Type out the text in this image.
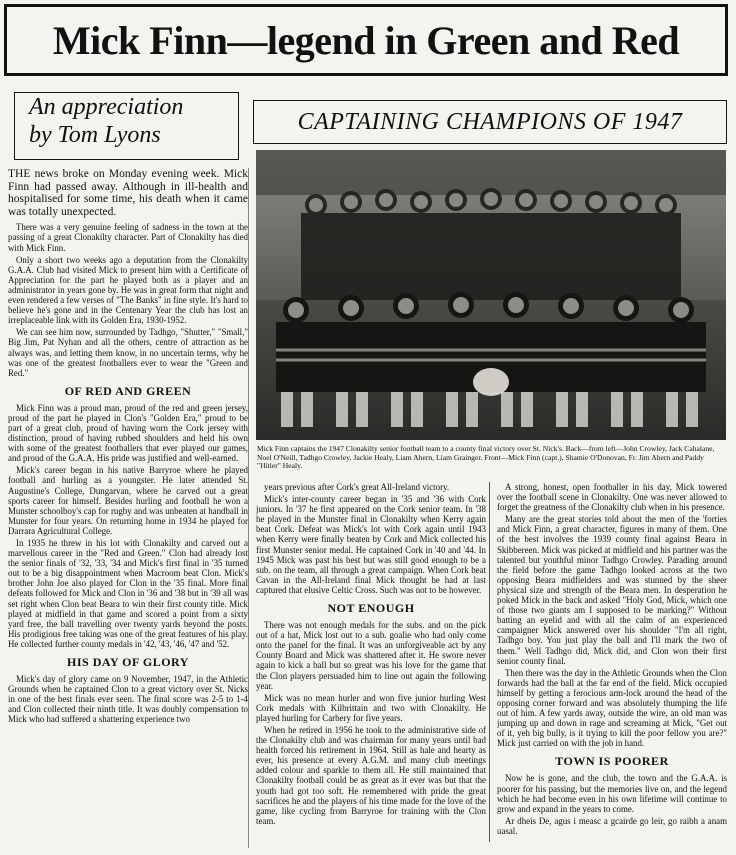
Mick Finn—legend in Green and Red
An appreciation
by Tom Lyons

THE news broke on Monday evening week. Mick Finn had passed away. Although in ill-health and hospitalised for some time, his death when it came was totally unexpected.

There was a very genuine feeling of sadness in the town at the passing of a great Clonakilty character. Part of Clonakilty has died with Mick Finn.

Only a short two weeks ago a deputation from the Clonakilty G.A.A. Club had visited Mick to present him with a Certificate of Appreciation for the part he played both as a player and an administrator in years gone by. He was in great form that night and even rendered a few verses of "The Banks" in fine style. It's hard to believe he's gone and in the Centenary Year the club has lost an irreplaceable link with its Golden Era, 1930-1952.

We can see him now, surrounded by Tadhgo, "Shutter," "Small," Big Jim, Pat Nyhan and all the others, centre of attraction as he always was, and letting them know, in no uncertain terms, why he was one of the greatest footballers ever to wear the "Green and Red."

OF RED AND GREEN

Mick Finn was a proud man, proud of the red and green jersey, proud of the part he played in Clon's "Golden Era," proud to be part of a great club, proud of having worn the Cork jersey with distinction, proud of having rubbed shoulders and held his own with some of the greatest footballers that ever played our games, and proud of the G.A.A. His pride was justified and well-earned.

Mick's career began in his native Barryroe where he played football and hurling as a youngster. He later attended St. Augustine's College, Dungarvan, where he carved out a great sports career for himself. Besides hurling and football he won a Munster schoolboy's cap for rugby and was unbeaten at handball in Munster for four years. On returning home in 1934 he played for Darrara Agricultural College.

In 1935 he threw in his lot with Clonakilty and carved out a marvellous career in the "Red and Green." Clon had already lost the senior finals of '32, '33, '34 and Mick's first final in '35 turned out to be a big disappointment when Macroom beat Clon. Mick's brother John Joe also played for Clon in the '35 final. More final defeats followed for Mick and Clon in '36 and '38 but in '39 all was set right when Clon beat Beara to win their first county title. Mick played at midfield in that game and scored a point from a sixty yard free, the ball travelling over twenty yards beyond the posts. His prodigious free taking was one of the great features of his play. He collected further county medals in '42, '43, '46, '47 and '52.

HIS DAY OF GLORY

Mick's day of glory came on 9 November, 1947, in the Athletic Grounds when he captained Clon to a great victory over St. Nicks in one of the best finals ever seen. The final score was 2-5 to 1-4 and Clon collected their ninth title. It was doubly compensation to Mick who had suffered a shattering experience two

CAPTAINING CHAMPIONS OF 1947
Mick Finn captains the 1947 Clonakilty senior football team to a county final victory over St. Nick's. Back—from left—John Crowley, Jack Cahalane, Noel O'Neill, Tadhgo Crowley, Jackie Healy, Liam Ahern, Liam Grainger. Front—Mick Finn (capt.), Shamie O'Donovan, Fr. Jim Ahern and Paddy "Hitler" Healy.

years previous after Cork's great All-Ireland victory.

Mick's inter-county career began in '35 and '36 with Cork juniors. In '37 he first appeared on the Cork senior team. In '38 he played in the Munster final in Clonakilty when Kerry again beat Cork. Defeat was Mick's lot with Cork again until 1943 when Kerry were finally beaten by Cork and Mick collected his first Munster senior medal. He captained Cork in '40 and '44. In 1945 Mick was past his best but was still good enough to be a sub. on the team, all through a great campaign. When Cork beat Cavan in the All-Ireland final Mick thought he had at last captured that elusive Celtic Cross. Such was not to be however.

NOT ENOUGH

There was not enough medals for the subs. and on the pick out of a hat, Mick lost out to a sub. goalie who had only come onto the panel for the final. It was an unforgiveable act by any County Board and Mick was shattered after it. He swore never again to kick a ball but so great was his love for the game that the Clon players persuaded him to line out again the following year.

Mick was no mean hurler and won five junior hurling West Cork medals with Kilbrittain and two with Clonakilty. He played hurling for Carbery for five years.

When he retired in 1956 he took to the administrative side of the Clonakilty club and was chairman for many years until bad health forced his retirement in 1964. Still as hale and hearty as ever, his presence at every A.G.M. and many club meetings added colour and sparkle to them all. He still maintained that Clonakilty football could be as great as it ever was but that the youth had got too soft. He remembered with pride the great sacrifices he and the players of his time made for the love of the game, like cycling from Barryroe for training with the Clon team.

A strong, honest, open footballer in his day, Mick towered over the football scene in Clonakilty. One was never allowed to forget the greatness of the Clonakilty club when in his presence.

Many are the great stories told about the men of the 'forties and Mick Finn, a great character, figures in many of them. One of the best involves the 1939 county final against Beara in Skibbereen. Mick was picked at midfield and his partner was the talented but youthful minor Tadhgo Crowley. Parading around the field before the game Tadhgo looked across at the two opposing Beara midfielders and was stunned by the sheer physical size and strength of the Beara men. In desperation he poked Mick in the back and asked "Holy God, Mick, which one of those two giants am I supposed to be marking?" Without batting an eyelid and with all the calm of an experienced campaigner Mick answered over his shoulder "I'm all right, Tadhgo boy. You just play the ball and I'll mark the two of them." Well Tadhgo did, Mick did, and Clon won their first senior county final.

Then there was the day in the Athletic Grounds when the Clon forwards had the ball at the far end of the field. Mick occupied himself by getting a ferocious arm-lock around the head of the opposing corner forward and was absolutely thumping the life out of him. A few yards away, outside the wire, an old man was jumping up and down in rage and screaming at Mick, "Get out of it, yeh big bully, is it trying to kill the poor fellow you are?" Mick just carried on with the job in hand.

TOWN IS POORER

Now he is gone, and the club, the town and the G.A.A. is poorer for his passing, but the memories live on, and the legend which he had become even in his own lifetime will continue to grow and expand in the years to come.

Ar dheis De, agus i measc a gcairde go leir, go raibh a anam uasal.
